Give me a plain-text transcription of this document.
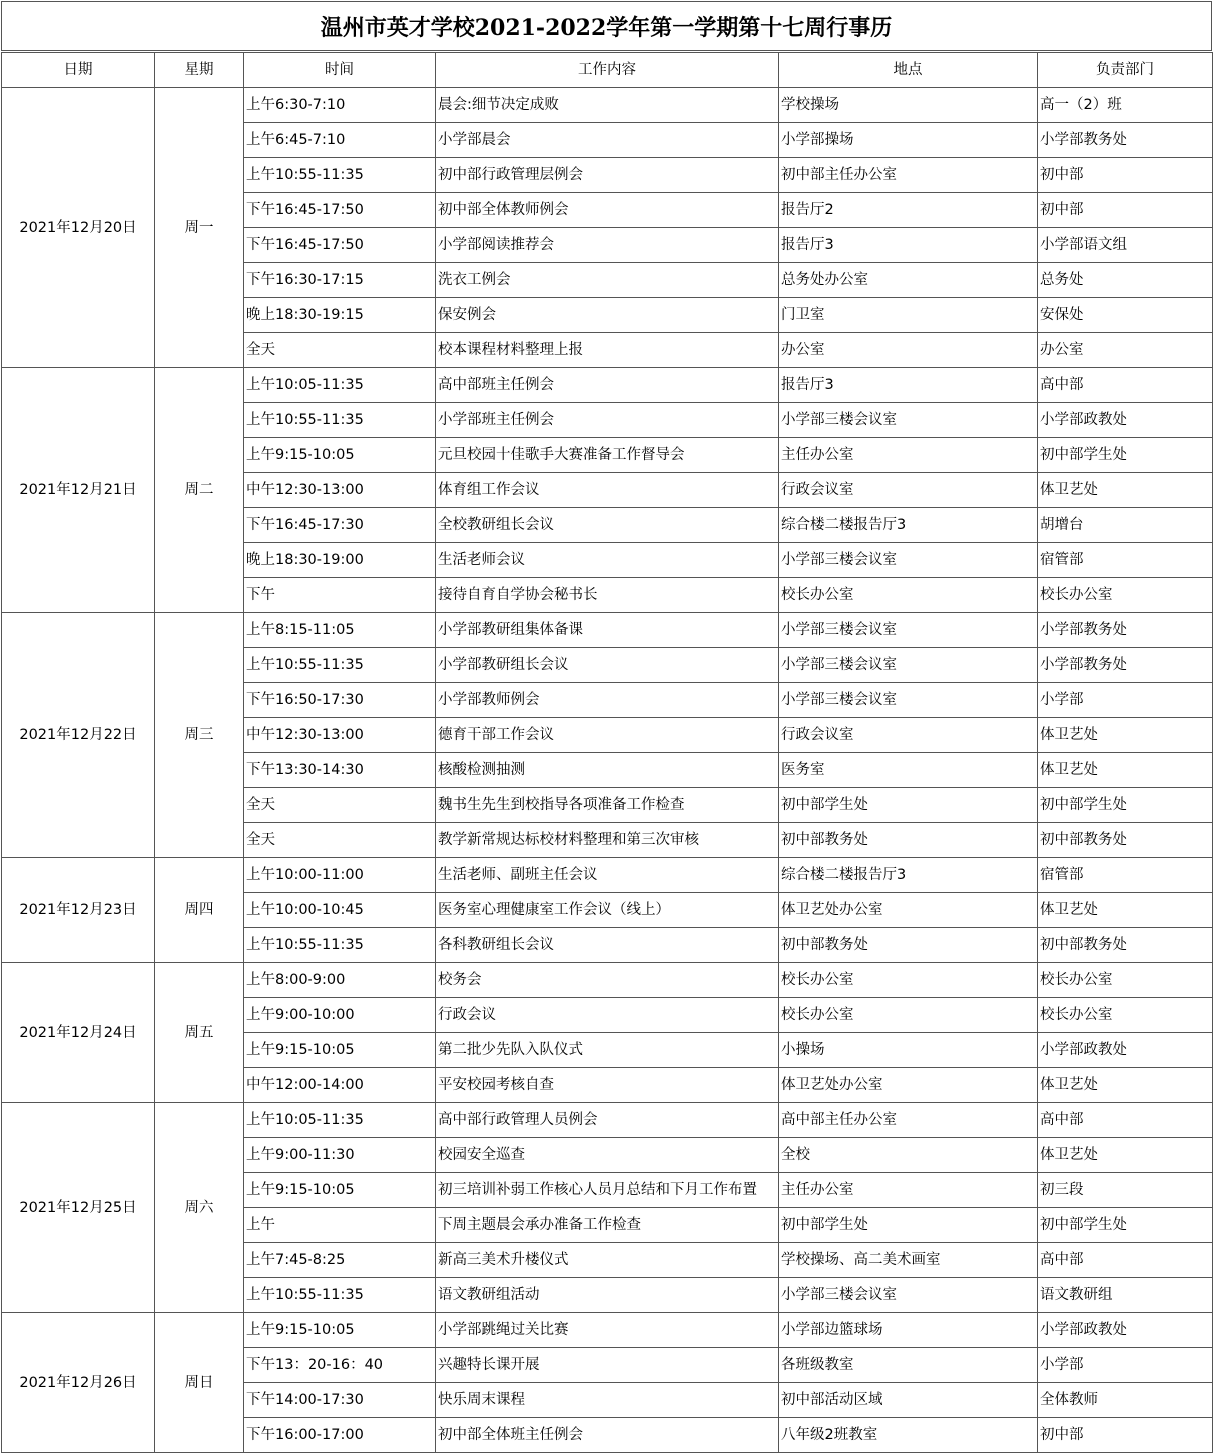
温州市英才学校2021-2022学年第一学期第十七周行事历
日期	星期	时间	工作内容	地点	负责部门
2021年12月20日	周一	上午6:30-7:10	晨会:细节决定成败	学校操场	高一（2）班
		上午6:45-7:10	小学部晨会	小学部操场	小学部教务处
		上午10:55-11:35	初中部行政管理层例会	初中部主任办公室	初中部
		下午16:45-17:50	初中部全体教师例会	报告厅2	初中部
		下午16:45-17:50	小学部阅读推荐会	报告厅3	小学部语文组
		下午16:30-17:15	洗衣工例会	总务处办公室	总务处
		晚上18:30-19:15	保安例会	门卫室	安保处
		全天	校本课程材料整理上报	办公室	办公室
2021年12月21日	周二	上午10:05-11:35	高中部班主任例会	报告厅3	高中部
		上午10:55-11:35	小学部班主任例会	小学部三楼会议室	小学部政教处
		上午9:15-10:05	元旦校园十佳歌手大赛准备工作督导会	主任办公室	初中部学生处
		中午12:30-13:00	体育组工作会议	行政会议室	体卫艺处
		下午16:45-17:30	全校教研组长会议	综合楼二楼报告厅3	胡增台
		晚上18:30-19:00	生活老师会议	小学部三楼会议室	宿管部
		下午	接待自育自学协会秘书长	校长办公室	校长办公室
2021年12月22日	周三	上午8:15-11:05	小学部教研组集体备课	小学部三楼会议室	小学部教务处
		上午10:55-11:35	小学部教研组长会议	小学部三楼会议室	小学部教务处
		下午16:50-17:30	小学部教师例会	小学部三楼会议室	小学部
		中午12:30-13:00	德育干部工作会议	行政会议室	体卫艺处
		下午13:30-14:30	核酸检测抽测	医务室	体卫艺处
		全天	魏书生先生到校指导各项准备工作检查	初中部学生处	初中部学生处
		全天	教学新常规达标校材料整理和第三次审核	初中部教务处	初中部教务处
2021年12月23日	周四	上午10:00-11:00	生活老师、副班主任会议	综合楼二楼报告厅3	宿管部
		上午10:00-10:45	医务室心理健康室工作会议（线上）	体卫艺处办公室	体卫艺处
		上午10:55-11:35	各科教研组长会议	初中部教务处	初中部教务处
2021年12月24日	周五	上午8:00-9:00	校务会	校长办公室	校长办公室
		上午9:00-10:00	行政会议	校长办公室	校长办公室
		上午9:15-10:05	第二批少先队入队仪式	小操场	小学部政教处
		中午12:00-14:00	平安校园考核自查	体卫艺处办公室	体卫艺处
2021年12月25日	周六	上午10:05-11:35	高中部行政管理人员例会	高中部主任办公室	高中部
		上午9:00-11:30	校园安全巡查	全校	体卫艺处
		上午9:15-10:05	初三培训补弱工作核心人员月总结和下月工作布置	主任办公室	初三段
		上午	下周主题晨会承办准备工作检查	初中部学生处	初中部学生处
		上午7:45-8:25	新高三美术升楼仪式	学校操场、高二美术画室	高中部
		上午10:55-11:35	语文教研组活动	小学部三楼会议室	语文教研组
2021年12月26日	周日	上午9:15-10:05	小学部跳绳过关比赛	小学部边篮球场	小学部政教处
		下午13：20-16：40	兴趣特长课开展	各班级教室	小学部
		下午14:00-17:30	快乐周末课程	初中部活动区域	全体教师
		下午16:00-17:00	初中部全体班主任例会	八年级2班教室	初中部
